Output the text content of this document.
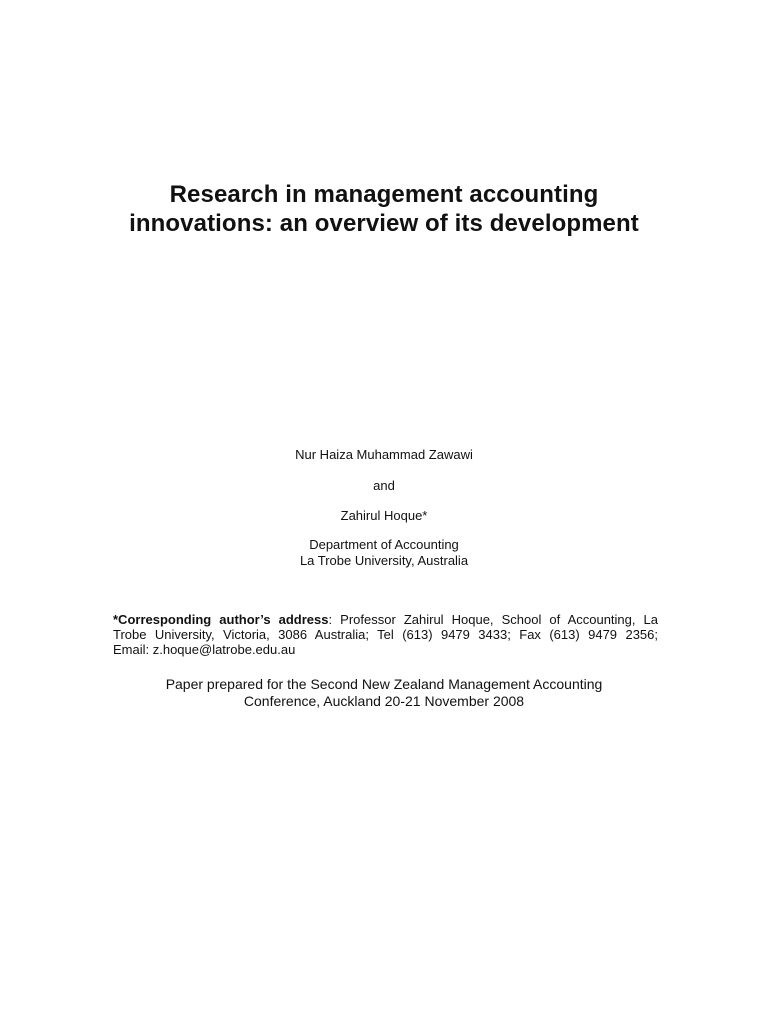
Research in management accounting
innovations: an overview of its development
Nur Haiza Muhammad Zawawi
and
Zahirul Hoque*
Department of Accounting
La Trobe University, Australia
*Corresponding author’s address: Professor Zahirul Hoque, School of Accounting, La
Trobe University, Victoria, 3086 Australia; Tel (613) 9479 3433; Fax (613) 9479 2356;
Email: z.hoque@latrobe.edu.au
Paper prepared for the Second New Zealand Management Accounting
Conference, Auckland 20-21 November 2008
